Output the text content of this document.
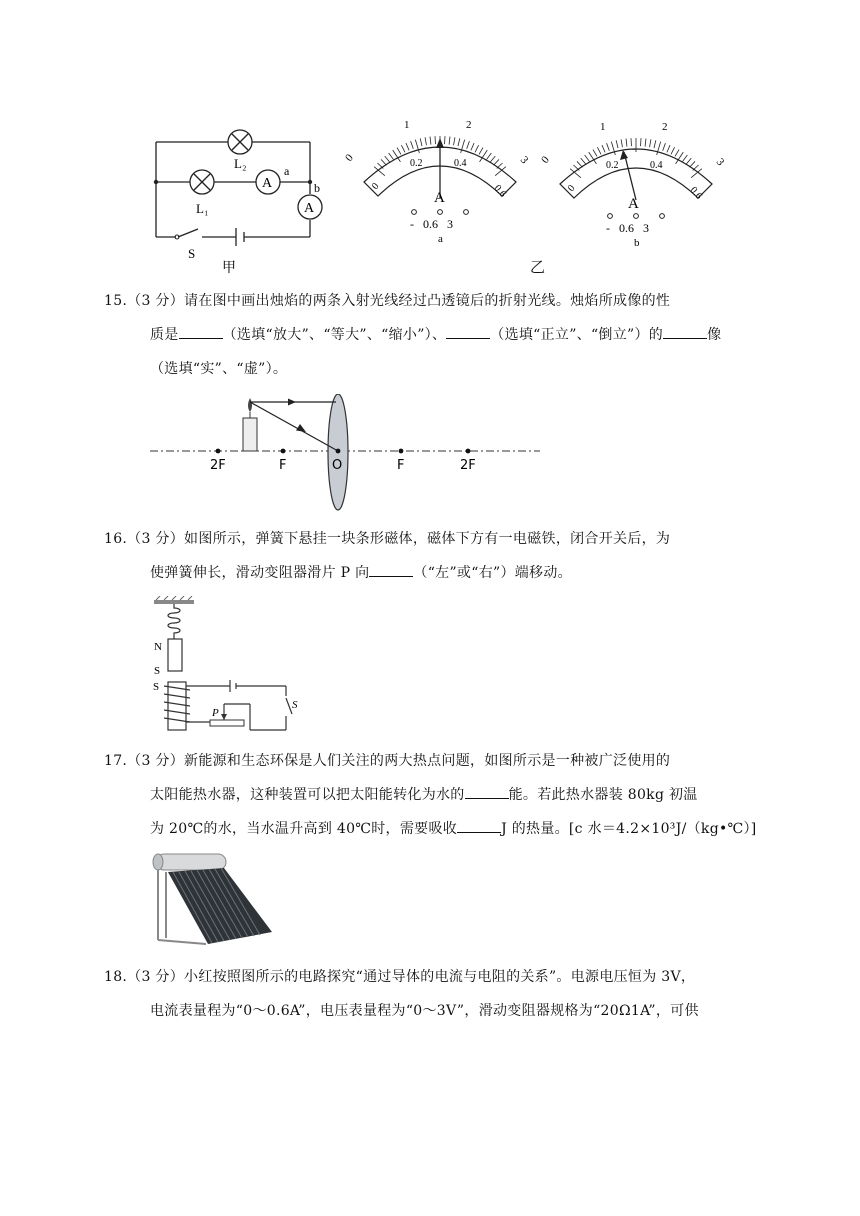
A
A
L₂
L₁
a
b
S
甲
0
1	2
3
0
0.2	0.4
0.6
A
-   0.6   3
a
0
1	2
3
0
0.2	0.4
0.6
A
-   0.6   3
b
乙
15.（3 分）请在图中画出烛焰的两条入射光线经过凸透镜后的折射光线。烛焰所成像的性
质是	（选填“放大”、“等大”、“缩小”）、	（选填“正立”、“倒立”）的	像
（选填“实”、“虚”）。
2F	F	O	F	2F
16.（3 分）如图所示，弹簧下悬挂一块条形磁体，磁体下方有一电磁铁，闭合开关后，为
使弹簧伸长，滑动变阻器滑片 P 向	（“左”或“右”）端移动。
N
S
P
S
S
17.（3 分）新能源和生态环保是人们关注的两大热点问题，如图所示是一种被广泛使用的
太阳能热水器，这种装置可以把太阳能转化为水的	能。若此热水器装 80kg 初温
为 20℃的水，当水温升高到 40℃时，需要吸收	J 的热量。[c 水＝4.2×10³J/（kg•℃）]
18.（3 分）小红按照图所示的电路探究“通过导体的电流与电阻的关系”。电源电压恒为 3V，
电流表量程为“0～0.6A”，电压表量程为“0～3V”，滑动变阻器规格为“20Ω1A”，可供
